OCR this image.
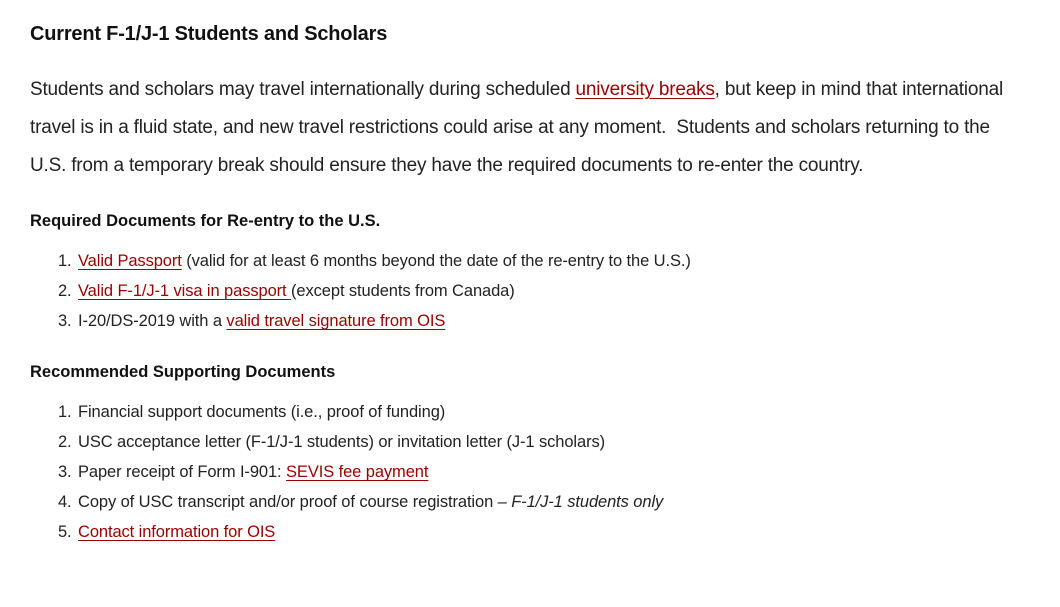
Current F-1/J-1 Students and Scholars

Students and scholars may travel internationally during scheduled university breaks, but keep in mind that international travel is in a fluid state, and new travel restrictions could arise at any moment.  Students and scholars returning to the U.S. from a temporary break should ensure they have the required documents to re-enter the country.

Required Documents for Re-entry to the U.S.
1. Valid Passport (valid for at least 6 months beyond the date of the re-entry to the U.S.)
2. Valid F-1/J-1 visa in passport (except students from Canada)
3. I-20/DS-2019 with a valid travel signature from OIS
Recommended Supporting Documents
1. Financial support documents (i.e., proof of funding)
2. USC acceptance letter (F-1/J-1 students) or invitation letter (J-1 scholars)
3. Paper receipt of Form I-901: SEVIS fee payment
4. Copy of USC transcript and/or proof of course registration – F-1/J-1 students only
5. Contact information for OIS
